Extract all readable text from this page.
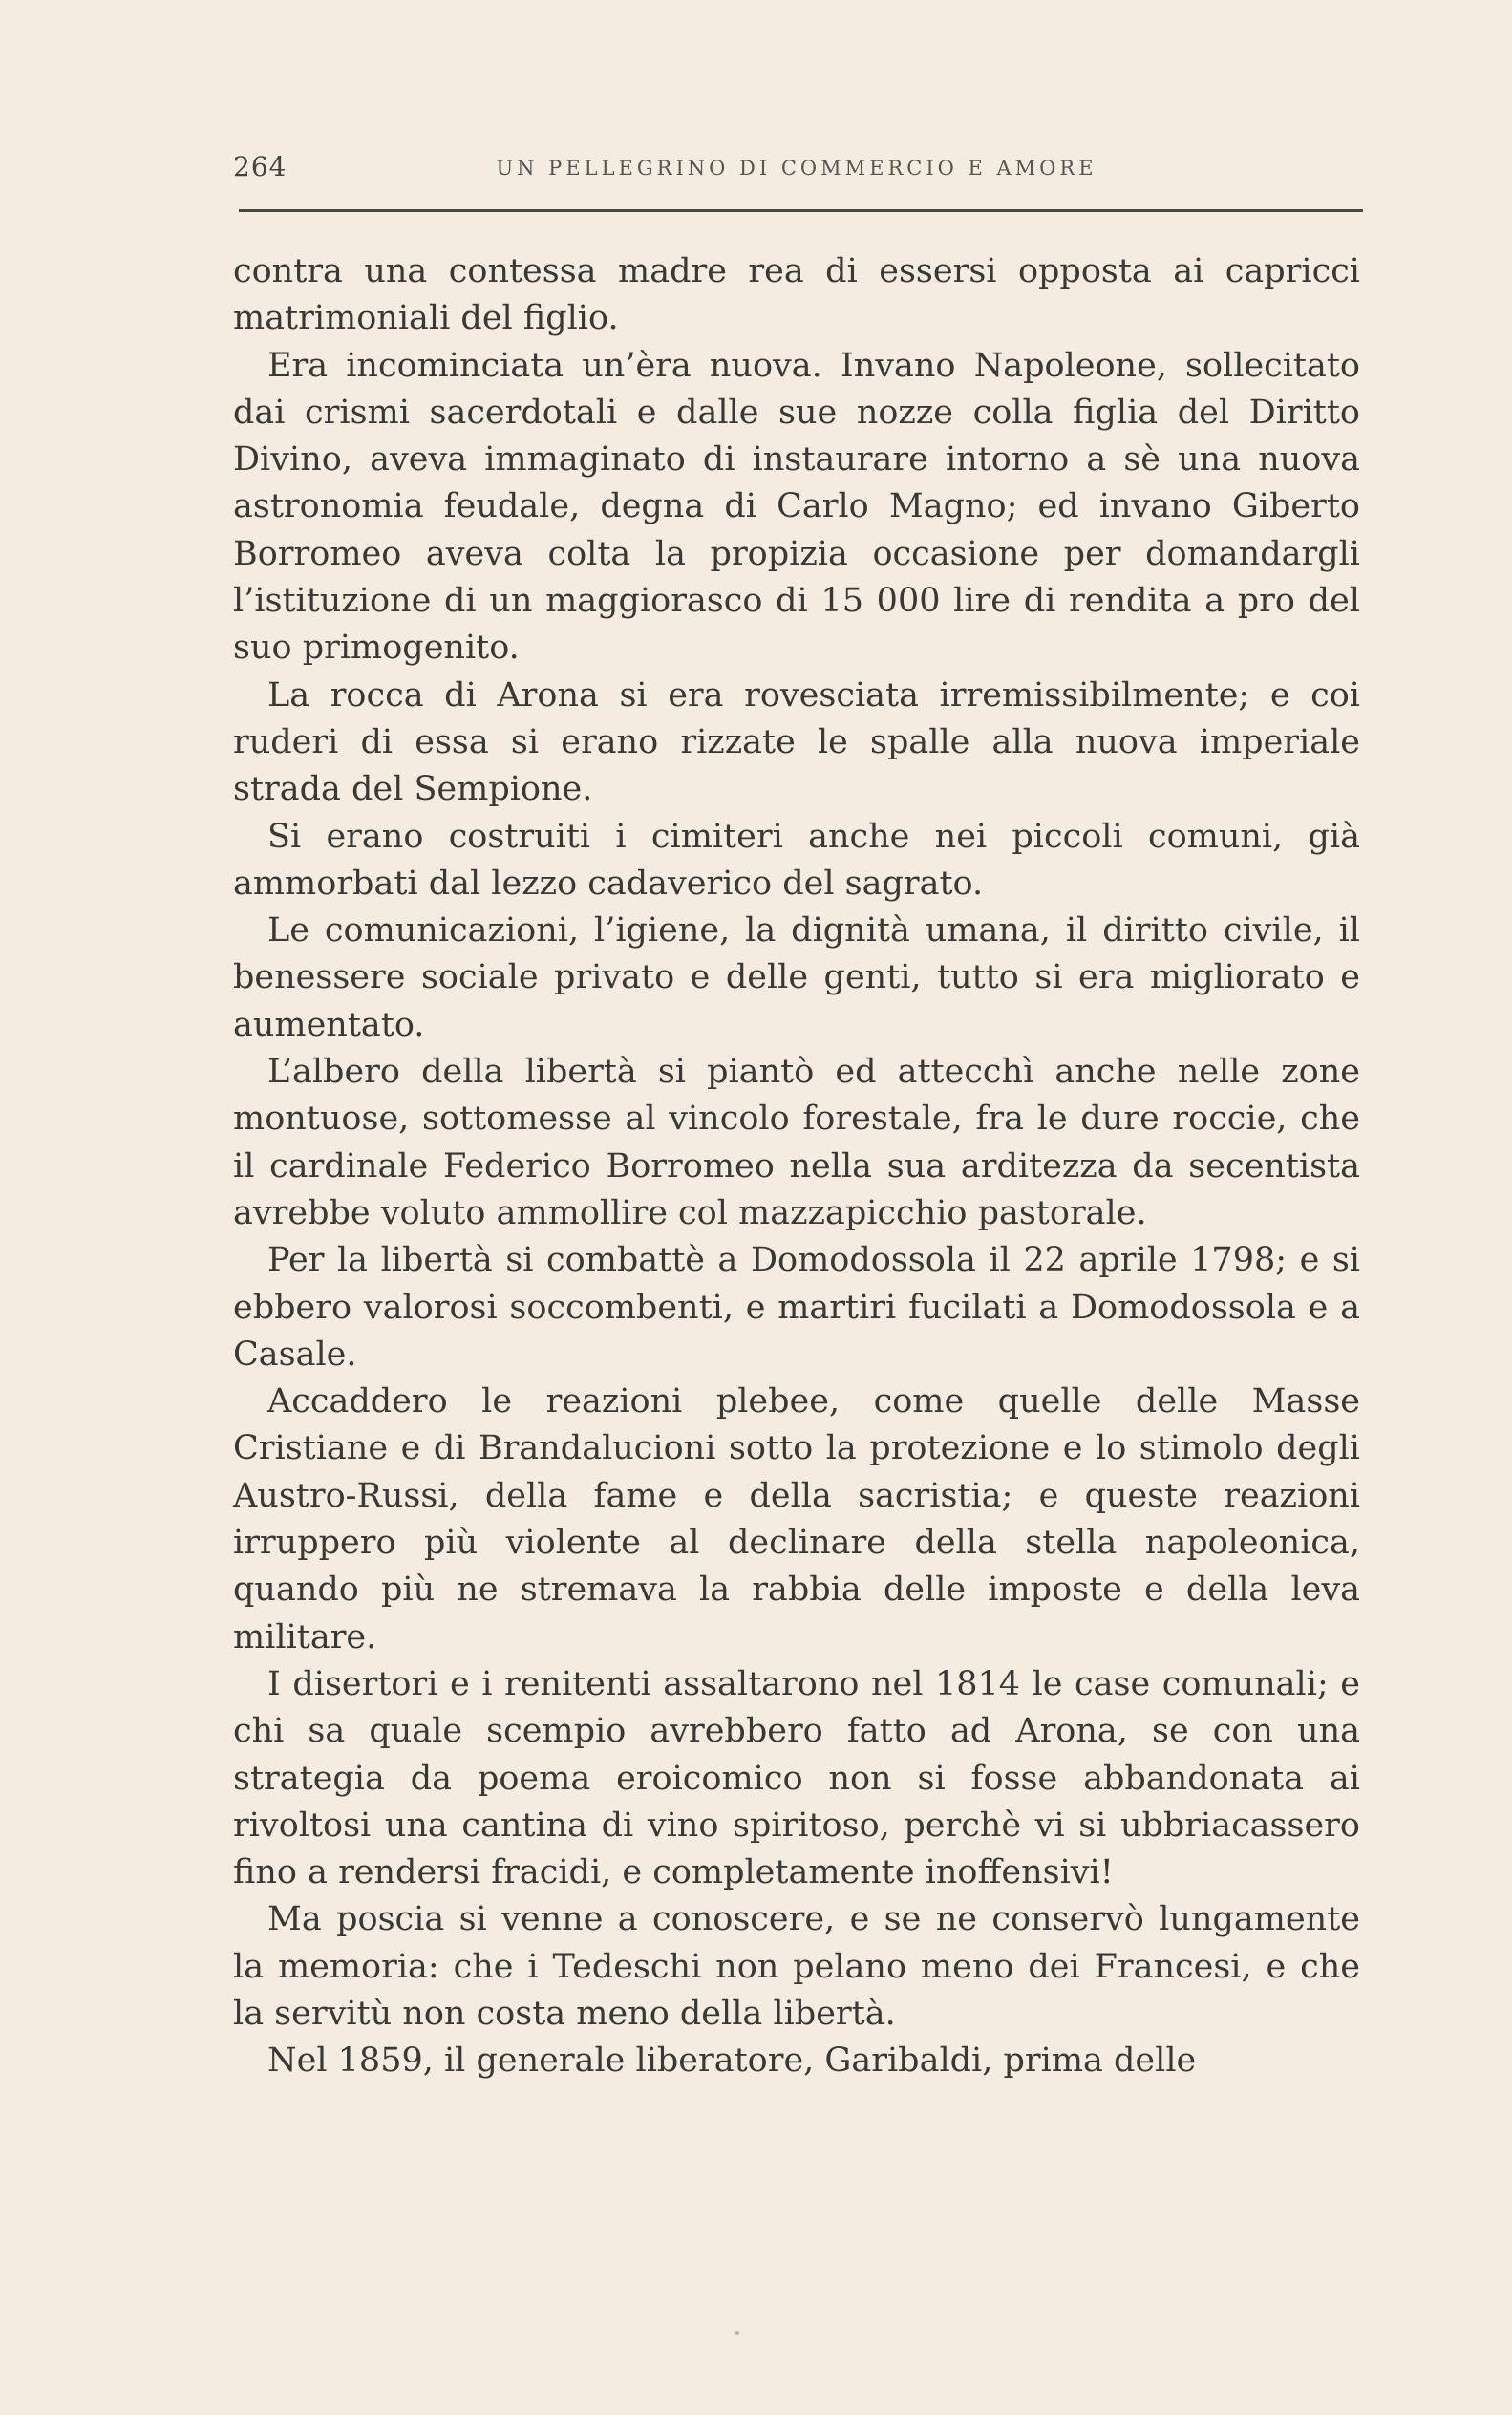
264	UN PELLEGRINO DI COMMERCIO E AMORE

contra una contessa madre rea di essersi opposta ai capricci matrimoniali del figlio.

Era incominciata un’èra nuova. Invano Napoleone, sollecitato dai crismi sacerdotali e dalle sue nozze colla figlia del Diritto Divino, aveva immaginato di instaurare intorno a sè una nuova astronomia feudale, degna di Carlo Magno; ed invano Giberto Borromeo aveva colta la propizia occasione per domandargli l’istituzione di un maggiorasco di 15 000 lire di rendita a pro del suo primogenito.

La rocca di Arona si era rovesciata irremissibilmente; e coi ruderi di essa si erano rizzate le spalle alla nuova imperiale strada del Sempione.

Si erano costruiti i cimiteri anche nei piccoli comuni, già ammorbati dal lezzo cadaverico del sagrato.

Le comunicazioni, l’igiene, la dignità umana, il diritto civile, il benessere sociale privato e delle genti, tutto si era migliorato e aumentato.

L’albero della libertà si piantò ed attecchì anche nelle zone montuose, sottomesse al vincolo forestale, fra le dure roccie, che il cardinale Federico Borromeo nella sua arditezza da secentista avrebbe voluto ammollire col mazzapicchio pastorale.

Per la libertà si combattè a Domodossola il 22 aprile 1798; e si ebbero valorosi soccombenti, e martiri fucilati a Domodossola e a Casale.

Accaddero le reazioni plebee, come quelle delle Masse Cristiane e di Brandalucioni sotto la protezione e lo stimolo degli Austro-Russi, della fame e della sacristia; e queste reazioni irruppero più violente al declinare della stella napoleonica, quando più ne stremava la rabbia delle imposte e della leva militare.

I disertori e i renitenti assaltarono nel 1814 le case comunali; e chi sa quale scempio avrebbero fatto ad Arona, se con una strategia da poema eroicomico non si fosse abbandonata ai rivoltosi una cantina di vino spiritoso, perchè vi si ubbriacassero fino a rendersi fracidi, e completamente inoffensivi!

Ma poscia si venne a conoscere, e se ne conservò lungamente la memoria: che i Tedeschi non pelano meno dei Francesi, e che la servitù non costa meno della libertà.

Nel 1859, il generale liberatore, Garibaldi, prima delle
